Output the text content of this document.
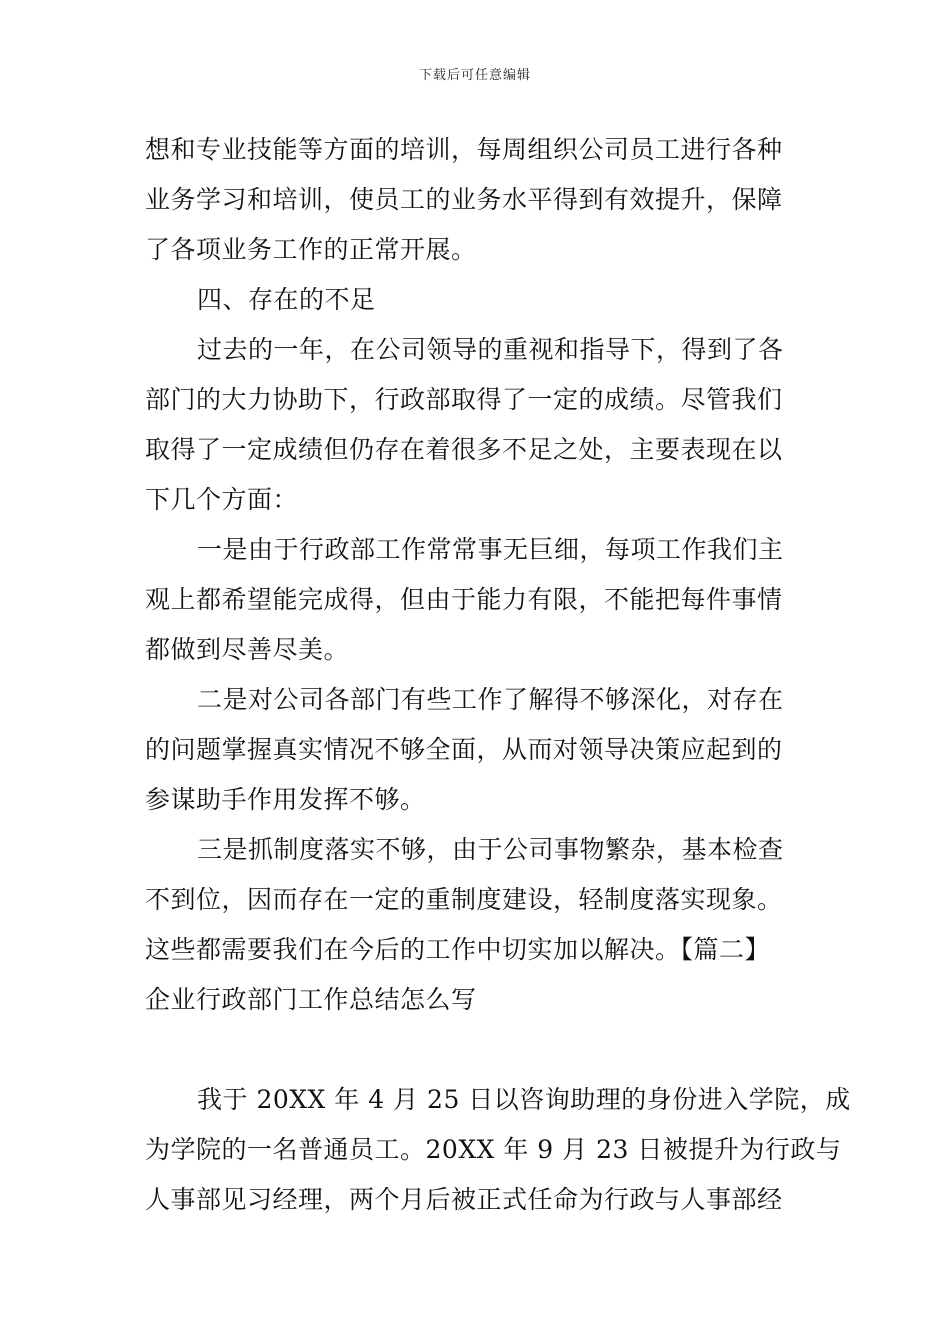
下载后可任意编辑
想和专业技能等方面的培训，每周组织公司员工进行各种
业务学习和培训，使员工的业务水平得到有效提升，保障
了各项业务工作的正常开展。
四、存在的不足
过去的一年，在公司领导的重视和指导下，得到了各
部门的大力协助下，行政部取得了一定的成绩。尽管我们
取得了一定成绩但仍存在着很多不足之处，主要表现在以
下几个方面：
一是由于行政部工作常常事无巨细，每项工作我们主
观上都希望能完成得，但由于能力有限，不能把每件事情
都做到尽善尽美。
二是对公司各部门有些工作了解得不够深化，对存在
的问题掌握真实情况不够全面，从而对领导决策应起到的
参谋助手作用发挥不够。
三是抓制度落实不够，由于公司事物繁杂，基本检查
不到位，因而存在一定的重制度建设，轻制度落实现象。
这些都需要我们在今后的工作中切实加以解决。【篇二】
企业行政部门工作总结怎么写
我于 20XX 年 4 月 25 日以咨询助理的身份进入学院，成
为学院的一名普通员工。20XX 年 9 月 23 日被提升为行政与
人事部见习经理，两个月后被正式任命为行政与人事部经
